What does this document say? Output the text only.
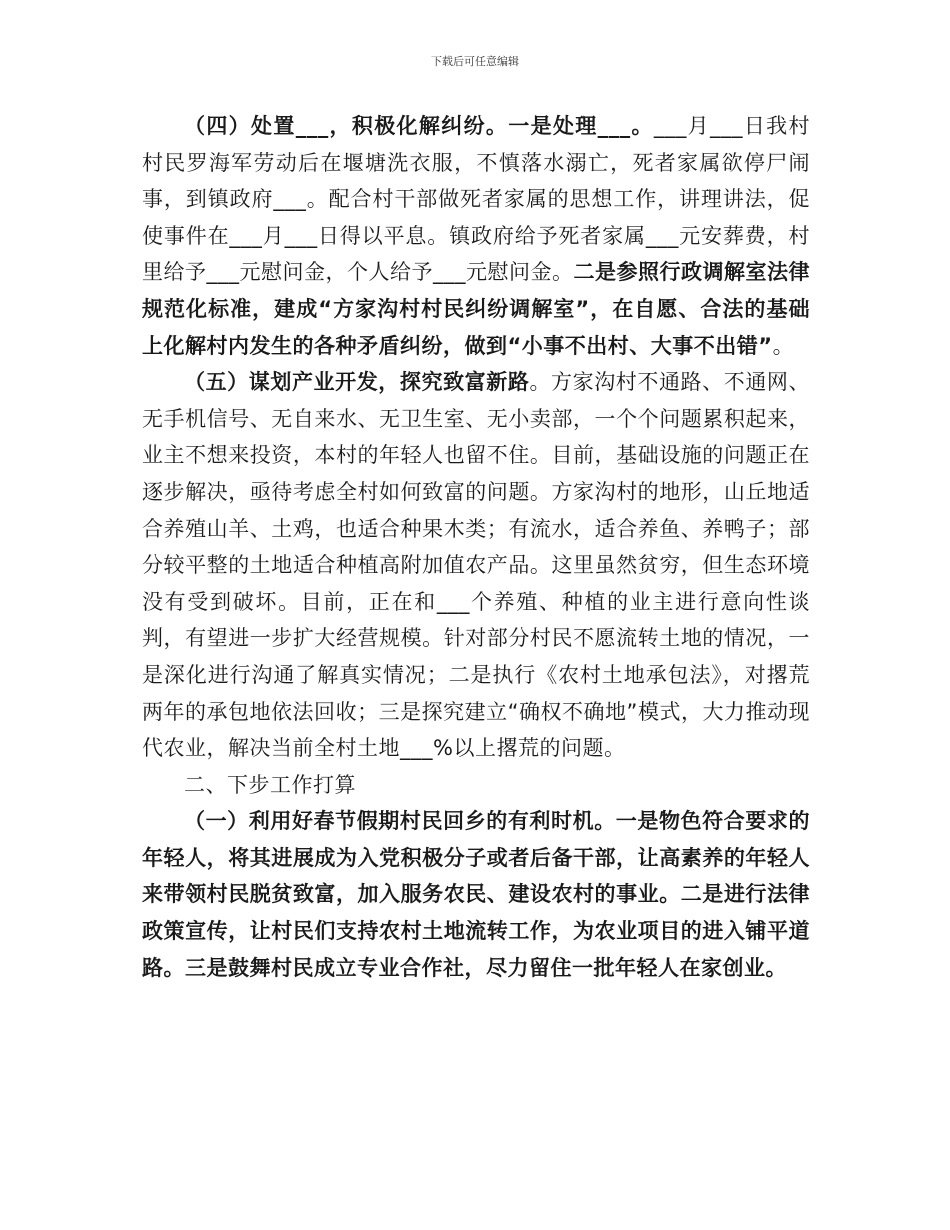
下载后可任意编辑

（四）处置___，积极化解纠纷。一是处理___。___月___日我村村民罗海军劳动后在堰塘洗衣服，不慎落水溺亡，死者家属欲停尸闹事，到镇政府___。配合村干部做死者家属的思想工作，讲理讲法，促使事件在___月___日得以平息。镇政府给予死者家属___元安葬费，村里给予___元慰问金，个人给予___元慰问金。二是参照行政调解室法律规范化标准，建成“方家沟村村民纠纷调解室”，在自愿、合法的基础上化解村内发生的各种矛盾纠纷，做到“小事不出村、大事不出错”。

（五）谋划产业开发，探究致富新路。方家沟村不通路、不通网、无手机信号、无自来水、无卫生室、无小卖部，一个个问题累积起来，业主不想来投资，本村的年轻人也留不住。目前，基础设施的问题正在逐步解决，亟待考虑全村如何致富的问题。方家沟村的地形，山丘地适合养殖山羊、土鸡，也适合种果木类；有流水，适合养鱼、养鸭子；部分较平整的土地适合种植高附加值农产品。这里虽然贫穷，但生态环境没有受到破坏。目前，正在和___个养殖、种植的业主进行意向性谈判，有望进一步扩大经营规模。针对部分村民不愿流转土地的情况，一是深化进行沟通了解真实情况；二是执行《农村土地承包法》，对撂荒两年的承包地依法回收；三是探究建立“确权不确地”模式，大力推动现代农业，解决当前全村土地___%以上撂荒的问题。

二、下步工作打算

（一）利用好春节假期村民回乡的有利时机。一是物色符合要求的年轻人，将其进展成为入党积极分子或者后备干部，让高素养的年轻人来带领村民脱贫致富，加入服务农民、建设农村的事业。二是进行法律政策宣传，让村民们支持农村土地流转工作，为农业项目的进入铺平道路。三是鼓舞村民成立专业合作社，尽力留住一批年轻人在家创业。
